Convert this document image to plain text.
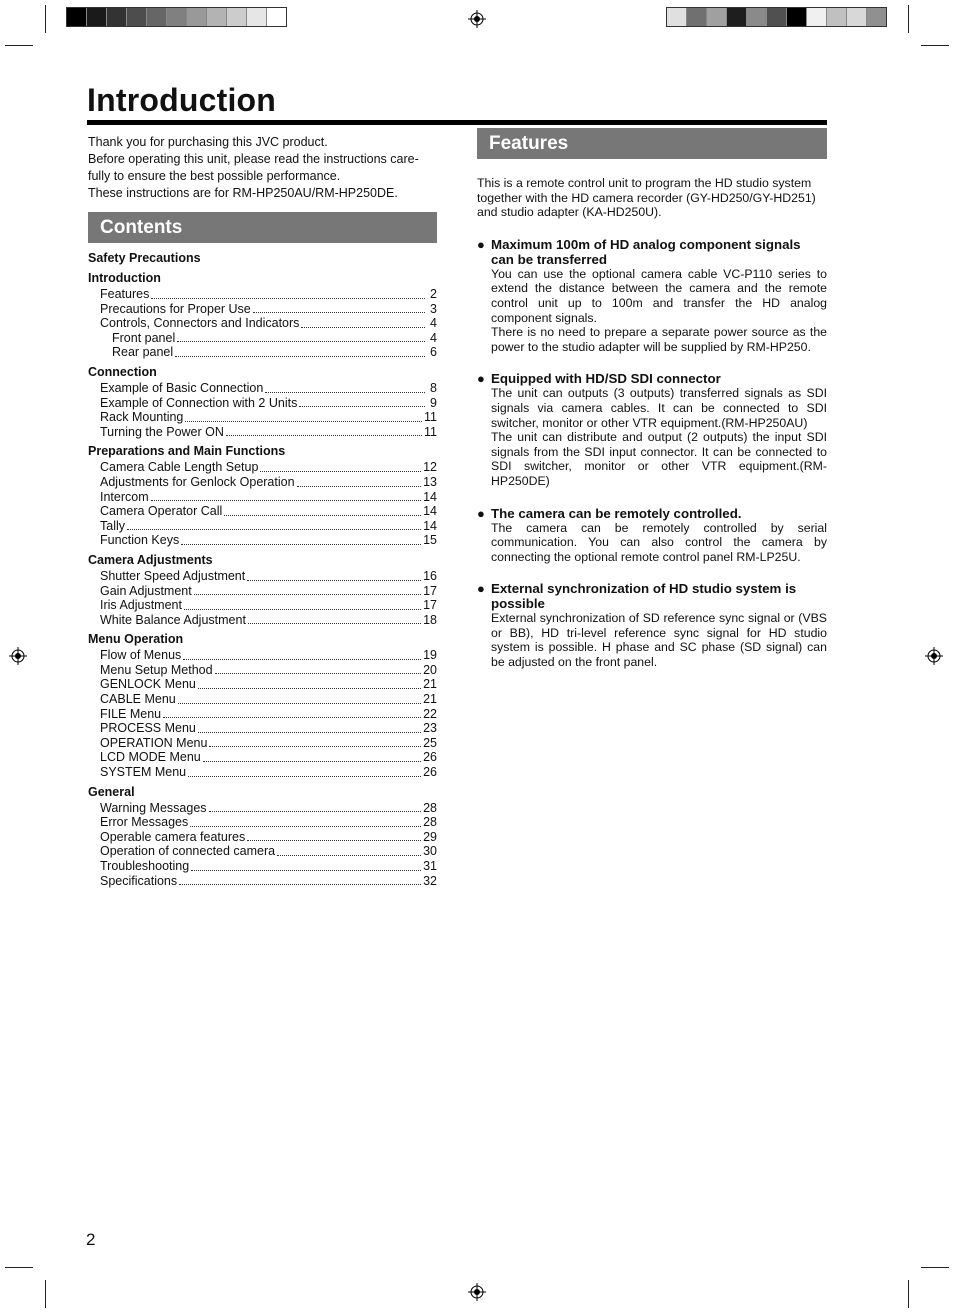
Introduction

Thank you for purchasing this JVC product.

Before operating this unit, please read the instructions care-fully to ensure the best possible performance.

These instructions are for RM-HP250AU/RM-HP250DE.

Contents
Safety Precautions
Introduction
Features	2
Precautions for Proper Use	3
Controls, Connectors and Indicators	4
Front panel	4
Rear panel	6
Connection
Example of Basic Connection	8
Example of Connection with 2 Units	9
Rack Mounting	11
Turning the Power ON	11
Preparations and Main Functions
Camera Cable Length Setup	12
Adjustments for Genlock Operation	13
Intercom	14
Camera Operator Call	14
Tally	14
Function Keys	15
Camera Adjustments
Shutter Speed Adjustment	16
Gain Adjustment	17
Iris Adjustment	17
White Balance Adjustment	18
Menu Operation
Flow of Menus	19
Menu Setup Method	20
GENLOCK Menu	21
CABLE Menu	21
FILE Menu	22
PROCESS Menu	23
OPERATION Menu	25
LCD MODE Menu	26
SYSTEM Menu	26
General
Warning Messages	28
Error Messages	28
Operable camera features	29
Operation of connected camera	30
Troubleshooting	31
Specifications	32
Features

This is a remote control unit to program the HD studio system together with the HD camera recorder (GY-HD250/GY-HD251) and studio adapter (KA-HD250U).

● Maximum 100m of HD analog component signals can be transferred

You can use the optional camera cable VC-P110 series to extend the distance between the camera and the remote control unit up to 100m and transfer the HD analog component signals.

There is no need to prepare a separate power source as the power to the studio adapter will be supplied by RM-HP250.

● Equipped with HD/SD SDI connector

The unit can outputs (3 outputs) transferred signals as SDI signals via camera cables. It can be connected to SDI switcher, monitor or other VTR equipment.(RM-HP250AU)

The unit can distribute and output (2 outputs) the input SDI signals from the SDI input connector. It can be connected to SDI switcher, monitor or other VTR equipment.(RM-HP250DE)

● The camera can be remotely controlled.

The camera can be remotely controlled by serial communication. You can also control the camera by connecting the optional remote control panel RM-LP25U.

● External synchronization of HD studio system is possible

External synchronization of SD reference sync signal or (VBS or BB), HD tri-level reference sync signal for HD studio system is possible. H phase and SC phase (SD signal) can be adjusted on the front panel.

2
